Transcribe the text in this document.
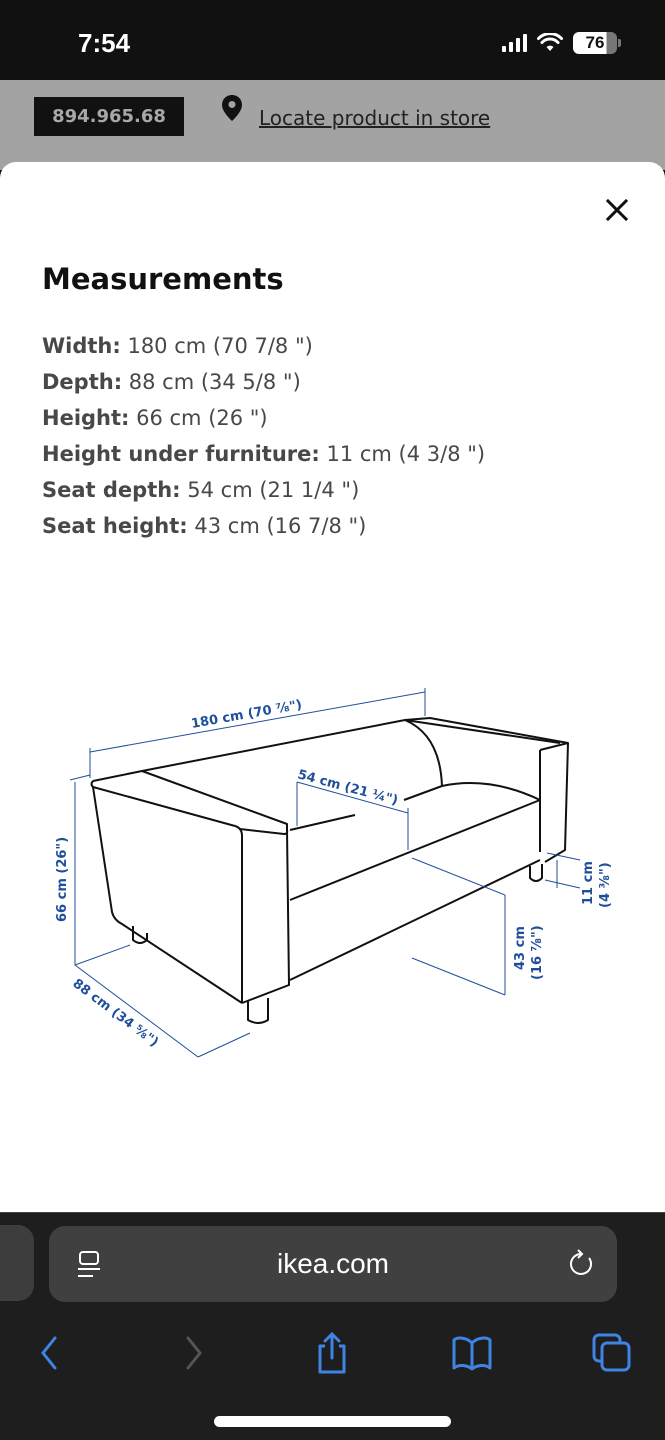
7:54	76
894.965.68	Locate product in store
Measurements
Width: 180 cm (70 7/8 ")
Depth: 88 cm (34 5/8 ")
Height: 66 cm (26 ")
Height under furniture: 11 cm (4 3/8 ")
Seat depth: 54 cm (21 1/4 ")
Seat height: 43 cm (16 7/8 ")
180 cm (70 ⅞")
54 cm (21 ¼")
66 cm (26")
88 cm (34 ⅝")
43 cm (16 ⅞")
11 cm (4 ⅜")
ikea.com
